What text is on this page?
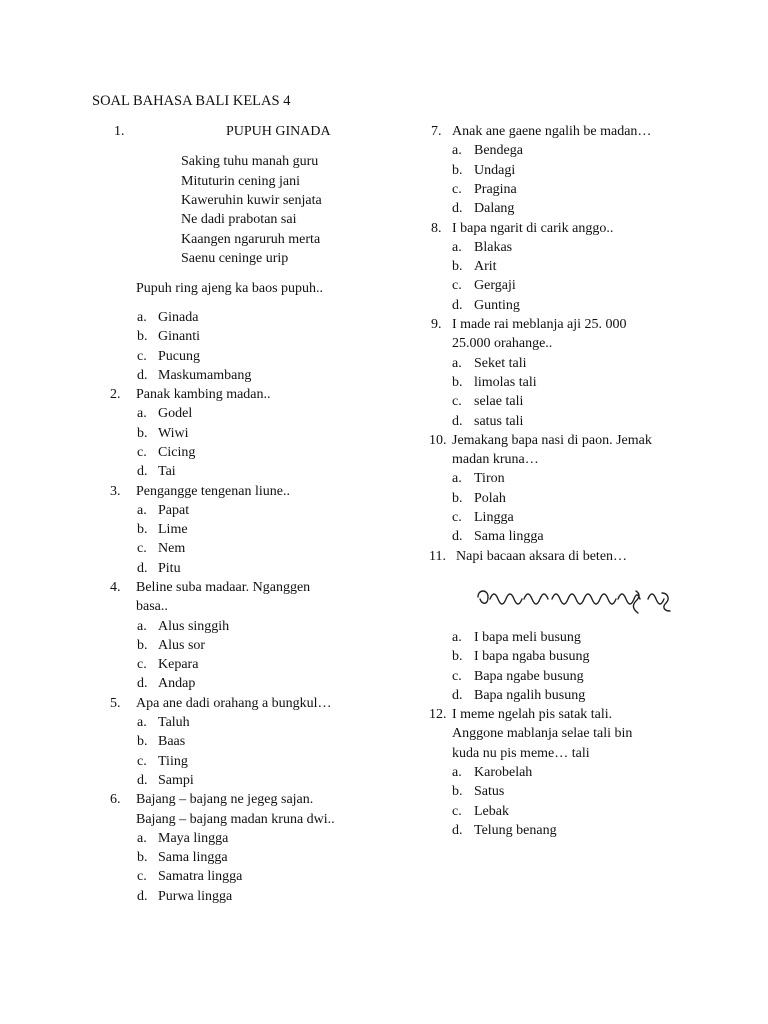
SOAL BAHASA BALI KELAS 4
1.	PUPUH GINADA
Saking tuhu manah guru
Mituturin cening jani
Kaweruhin kuwir senjata
Ne dadi prabotan sai
Kaangen ngaruruh merta
Saenu ceninge urip
Pupuh ring ajeng ka baos pupuh..
a. Ginada
b. Ginanti
c. Pucung
d. Maskumambang
2.	Panak kambing madan..
a. Godel
b. Wiwi
c. Cicing
d. Tai
3.	Pengangge tengenan liune..
a. Papat
b. Lime
c. Nem
d. Pitu
4.	Beline suba madaar. Nganggen
basa..
a. Alus singgih
b. Alus sor
c. Kepara
d. Andap
5.	Apa ane dadi orahang a bungkul…
a. Taluh
b. Baas
c. Tiing
d. Sampi
6.	Bajang – bajang ne jegeg sajan.
Bajang – bajang madan kruna dwi..
a. Maya lingga
b. Sama lingga
c. Samatra lingga
d. Purwa lingga
7. Anak ane gaene ngalih be madan…
a. Bendega
b. Undagi
c. Pragina
d. Dalang
8. I bapa ngarit di carik anggo..
a. Blakas
b. Arit
c. Gergaji
d. Gunting
9. I made rai meblanja aji 25. 000
25.000 orahange..
a. Seket tali
b. limolas tali
c. selae tali
d. satus tali
10. Jemakang bapa nasi di paon. Jemak
madan kruna…
a. Tiron
b. Polah
c. Lingga
d. Sama lingga
11. Napi bacaan aksara di beten…
a. I bapa meli busung
b. I bapa ngaba busung
c. Bapa ngabe busung
d. Bapa ngalih busung
12. I meme ngelah pis satak tali.
Anggone mablanja selae tali bin
kuda nu pis meme… tali
a. Karobelah
b. Satus
c. Lebak
d. Telung benang
